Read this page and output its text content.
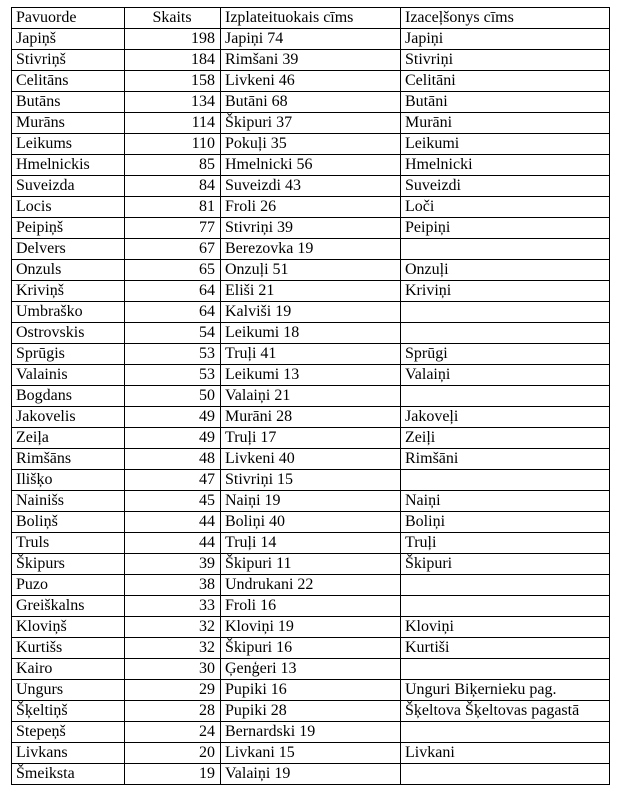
Pavuorde	Skaits	Izplateituokais cīms	Izaceļšonys cīms
Japiņš	198	Japiņi 74	Japiņi
Stivriņš	184	Rimšani 39	Stivriņi
Celitāns	158	Livkeni 46	Celitāni
Butāns	134	Butāni 68	Butāni
Murāns	114	Škipuri 37	Murāni
Leikums	110	Pokuļi 35	Leikumi
Hmelnickis	85	Hmelnicki 56	Hmelnicki
Suveizda	84	Suveizdi 43	Suveizdi
Locis	81	Froli 26	Loči
Peipiņš	77	Stivriņi 39	Peipiņi
Delvers	67	Berezovka 19	
Onzuls	65	Onzuļi 51	Onzuļi
Kriviņš	64	Eliši 21	Kriviņi
Umbraško	64	Kalviši 19	
Ostrovskis	54	Leikumi 18	
Sprūgis	53	Truļi 41	Sprūgi
Valainis	53	Leikumi 13	Valaiņi
Bogdans	50	Valaiņi 21	
Jakovelis	49	Murāni 28	Jakoveļi
Zeiļa	49	Truļi 17	Zeiļi
Rimšāns	48	Livkeni 40	Rimšāni
Ilišķo	47	Stivriņi 15	
Nainišs	45	Naiņi 19	Naiņi
Boliņš	44	Boliņi 40	Boliņi
Truls	44	Truļi 14	Truļi
Škipurs	39	Škipuri 11	Škipuri
Puzo	38	Undrukani 22	
Greiškalns	33	Froli 16	
Kloviņš	32	Kloviņi 19	Kloviņi
Kurtišs	32	Škipuri 16	Kurtiši
Kairo	30	Ģenģeri 13	
Ungurs	29	Pupiki 16	Unguri Biķernieku pag.
Šķeltiņš	28	Pupiki 28	Šķeltova Šķeltovas pagastā
Stepeņš	24	Bernardski 19	
Livkans	20	Livkani 15	Livkani
Šmeiksta	19	Valaiņi 19	
